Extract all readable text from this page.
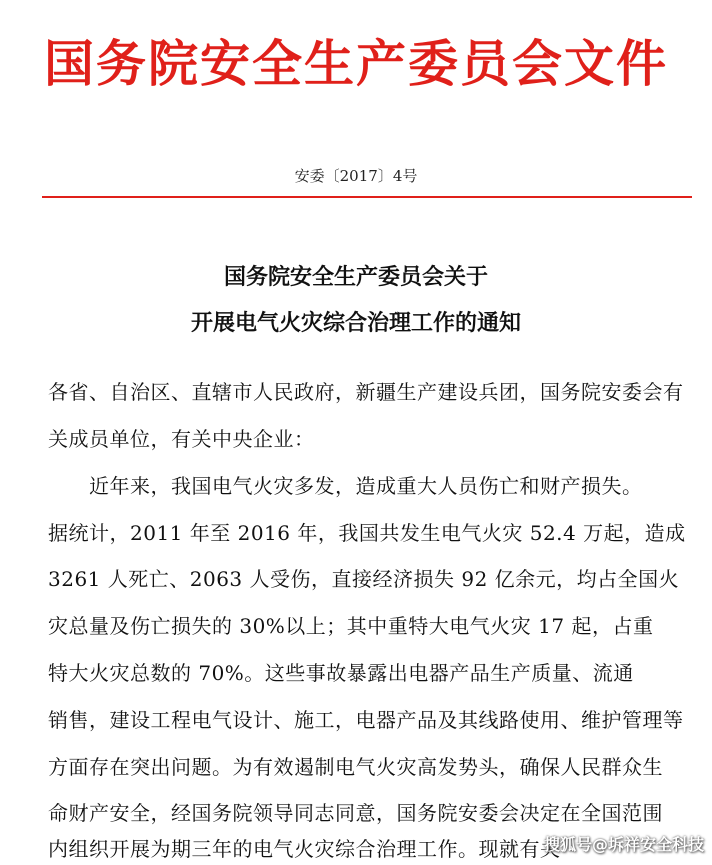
国务院安全生产委员会文件
安委〔2017〕4号
国务院安全生产委员会关于
开展电气火灾综合治理工作的通知
各省、自治区、直辖市人民政府，新疆生产建设兵团，国务院安委会有
关成员单位，有关中央企业：
　　近年来，我国电气火灾多发，造成重大人员伤亡和财产损失。
据统计，2011 年至 2016 年，我国共发生电气火灾 52.4 万起，造成
3261 人死亡、2063 人受伤，直接经济损失 92 亿余元，均占全国火
灾总量及伤亡损失的 30%以上；其中重特大电气火灾 17 起，占重
特大火灾总数的 70%。这些事故暴露出电器产品生产质量、流通
销售，建设工程电气设计、施工，电器产品及其线路使用、维护管理等
方面存在突出问题。为有效遏制电气火灾高发势头，确保人民群众生
命财产安全，经国务院领导同志同意，国务院安委会决定在全国范围
内组织开展为期三年的电气火灾综合治理工作。现就有关
搜狐号@坼祥安全科技
